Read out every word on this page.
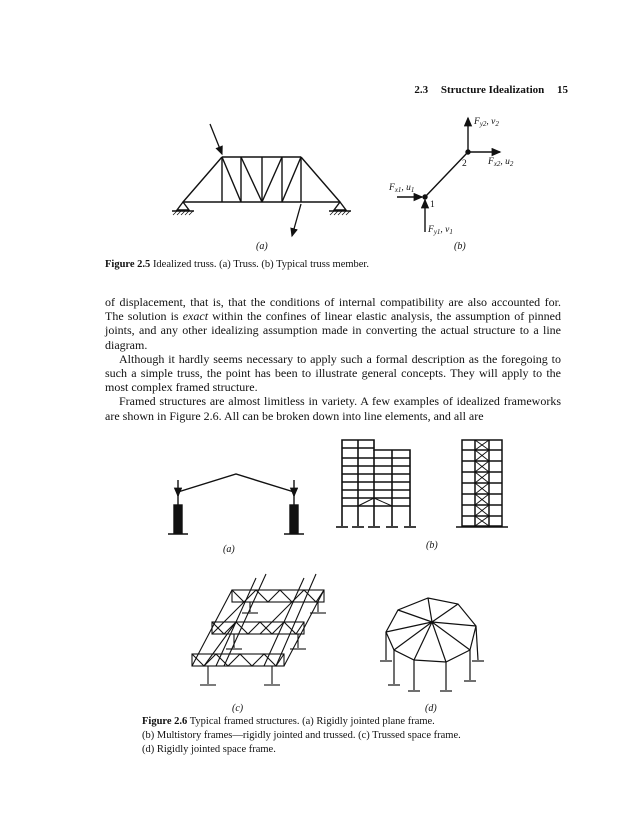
2.3 Structure Idealization 15
$F_{y2}$, $v_2$
2 $F_{x2}$, $u_2$
$F_{x1}$, $u_1$
1
$F_{y1}$, $v_1$
(a)	(b)
Figure 2.5 Idealized truss. (a) Truss. (b) Typical truss member.

of displacement, that is, that the conditions of internal compatibility are also accounted for. The solution is exact within the confines of linear elastic analysis, the assumption of pinned joints, and any other idealizing assumption made in converting the actual structure to a line diagram.

Although it hardly seems necessary to apply such a formal description as the foregoing to such a simple truss, the point has been to illustrate general concepts. They will apply to the most complex framed structure.

Framed structures are almost limitless in variety. A few examples of idealized frameworks are shown in Figure 2.6. All can be broken down into line elements, and all are

(a)	(b)
(c)	(d)
Figure 2.6 Typical framed structures. (a) Rigidly jointed plane frame.
(b) Multistory frames—rigidly jointed and trussed. (c) Trussed space frame.
(d) Rigidly jointed space frame.
